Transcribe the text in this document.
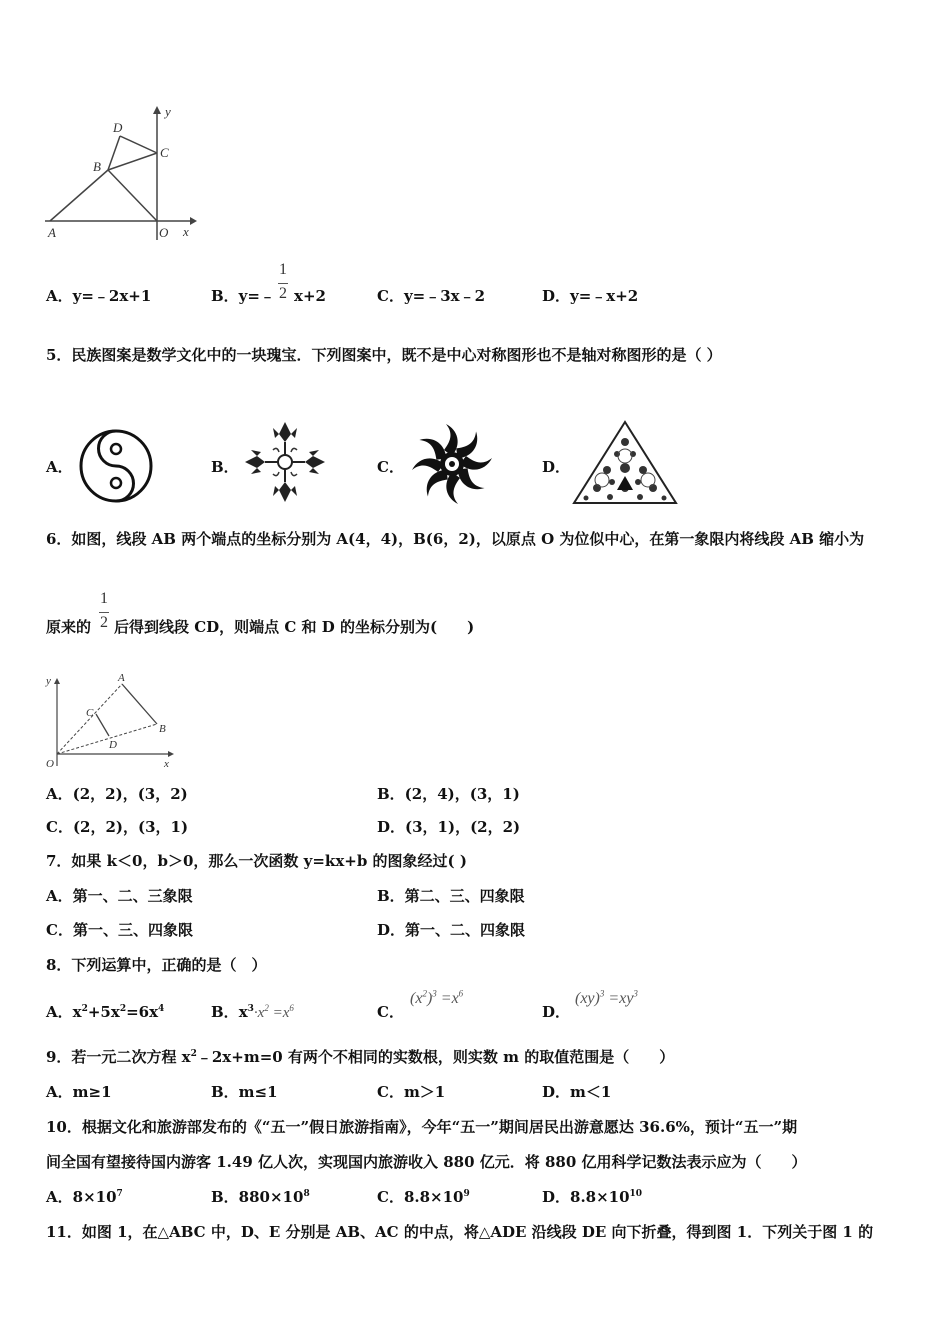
D
C
B
A	O x
y
A．y=﹣2x+1	B．y=﹣
1
2 x+2	C．y=﹣3x﹣2	D．y=﹣x+2
5．民族图案是数学文化中的一块瑰宝．下列图案中，既不是中心对称图形也不是轴对称图形的是（ ）
A．	B．	C．	D．
6．如图，线段 AB 两个端点的坐标分别为 A(4，4)，B(6，2)，以原点 O 为位似中心，在第一象限内将线段 AB 缩小为
1
2
原来的 后得到线段 CD，则端点 C 和 D 的坐标分别为(　　)
y	A
C
B
D
O	x
A．(2，2)，(3，2)	B．(2，4)，(3，1)
C．(2，2)，(3，1)	D．(3，1)，(2，2)
7．如果 k＜0，b＞0，那么一次函数 y=kx+b 的图象经过( )
A．第一、二、三象限	B．第二、三、四象限
C．第一、三、四象限	D．第一、二、四象限
8．下列运算中，正确的是（　）
A．$x^2+5x^2=6x^4$	B．$x^3\cdot x^2 =x^6$	C．
$(x^2)^3 =x^6$
D．
$(xy)^3 =xy^3$
9．若一元二次方程 $x^2﹣2x+m=0$ 有两个不相同的实数根，则实数 m 的取值范围是（　　）
A．m≥1	B．m≤1	C．m＞1	D．m＜1
10．根据文化和旅游部发布的《“五一”假日旅游指南》，今年“五一”期间居民出游意愿达 36.6%，预计“五一”期
间全国有望接待国内游客 1.49 亿人次，实现国内旅游收入 880 亿元．将 880 亿用科学记数法表示应为（　　）
A．$8\times 10^7$	B．$880\times 10^8$	C．$8.8\times 10^9$	D．$8.8\times 10^{10}$
11．如图 1，在△ABC 中，D、E 分别是 AB、AC 的中点，将△ADE 沿线段 DE 向下折叠，得到图 1．下列关于图 1 的
